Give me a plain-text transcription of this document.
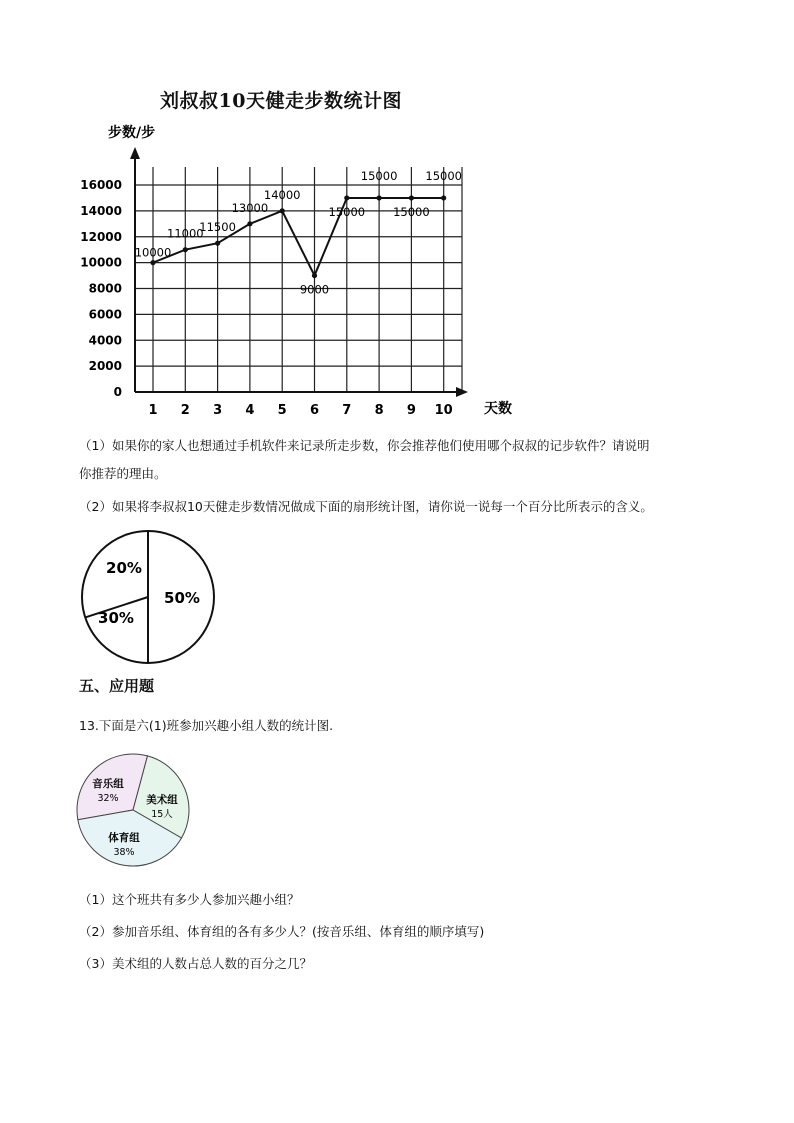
刘叔叔10天健走步数统计图
步数/步
0
2000
4000
6000
8000
10000
12000
14000
16000
1 2 3 4 5 6 7 8 9 10
10000
11000
11500
13000
14000
9000
15000
15000
15000
15000
天数
（1）如果你的家人也想通过手机软件来记录所走步数，你会推荐他们使用哪个叔叔的记步软件？请说明
你推荐的理由。
（2）如果将李叔叔10天健走步数情况做成下面的扇形统计图，请你说一说每一个百分比所表示的含义。
20%
30%
50%
五、应用题
13.下面是六(1)班参加兴趣小组人数的统计图.
音乐组
32%	美术组
15人
体育组
38%
（1）这个班共有多少人参加兴趣小组？
（2）参加音乐组、体育组的各有多少人？(按音乐组、体育组的顺序填写)
（3）美术组的人数占总人数的百分之几？
